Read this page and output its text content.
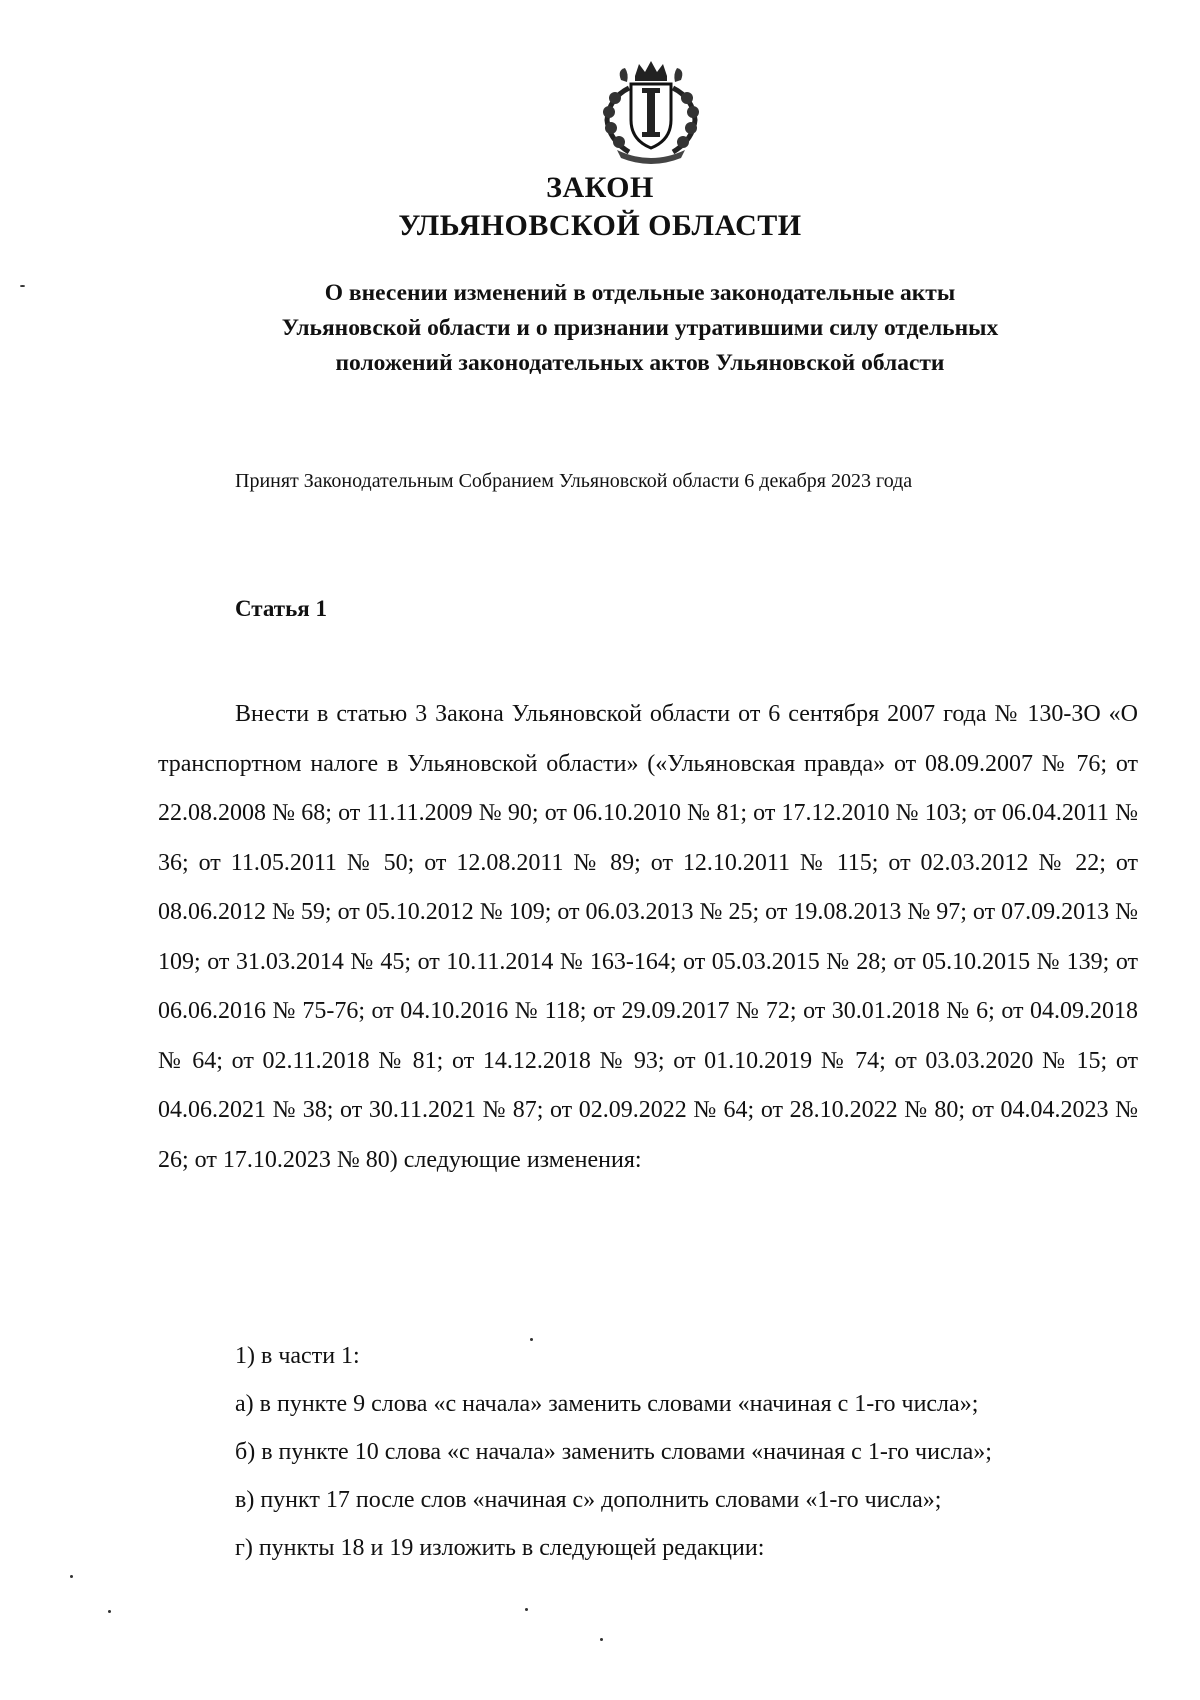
ЗАКОН
УЛЬЯНОВСКОЙ ОБЛАСТИ
О внесении изменений в отдельные законодательные акты
Ульяновской области и о признании утратившими силу отдельных
положений законодательных актов Ульяновской области
Принят Законодательным Собранием Ульяновской области 6 декабря 2023 года
Статья 1
Внести в статью 3 Закона Ульяновской области от 6 сентября 2007 года № 130-ЗО «О транспортном налоге в Ульяновской области» («Ульяновская правда» от 08.09.2007 № 76; от 22.08.2008 № 68; от 11.11.2009 № 90; от 06.10.2010 № 81; от 17.12.2010 № 103; от 06.04.2011 № 36; от 11.05.2011 № 50; от 12.08.2011 № 89; от 12.10.2011 № 115; от 02.03.2012 № 22; от 08.06.2012 № 59; от 05.10.2012 № 109; от 06.03.2013 № 25; от 19.08.2013 № 97; от 07.09.2013 № 109; от 31.03.2014 № 45; от 10.11.2014 № 163-164; от 05.03.2015 № 28; от 05.10.2015 № 139; от 06.06.2016 № 75-76; от 04.10.2016 № 118; от 29.09.2017 № 72; от 30.01.2018 № 6; от 04.09.2018 № 64; от 02.11.2018 № 81; от 14.12.2018 № 93; от 01.10.2019 № 74; от 03.03.2020 № 15; от 04.06.2021 № 38; от 30.11.2021 № 87; от 02.09.2022 № 64; от 28.10.2022 № 80; от 04.04.2023 № 26; от 17.10.2023 № 80) следующие изменения:
1) в части 1:
а) в пункте 9 слова «с начала» заменить словами «начиная с 1-го числа»;
б) в пункте 10 слова «с начала» заменить словами «начиная с 1-го числа»;
в) пункт 17 после слов «начиная с» дополнить словами «1-го числа»;
г) пункты 18 и 19 изложить в следующей редакции:
